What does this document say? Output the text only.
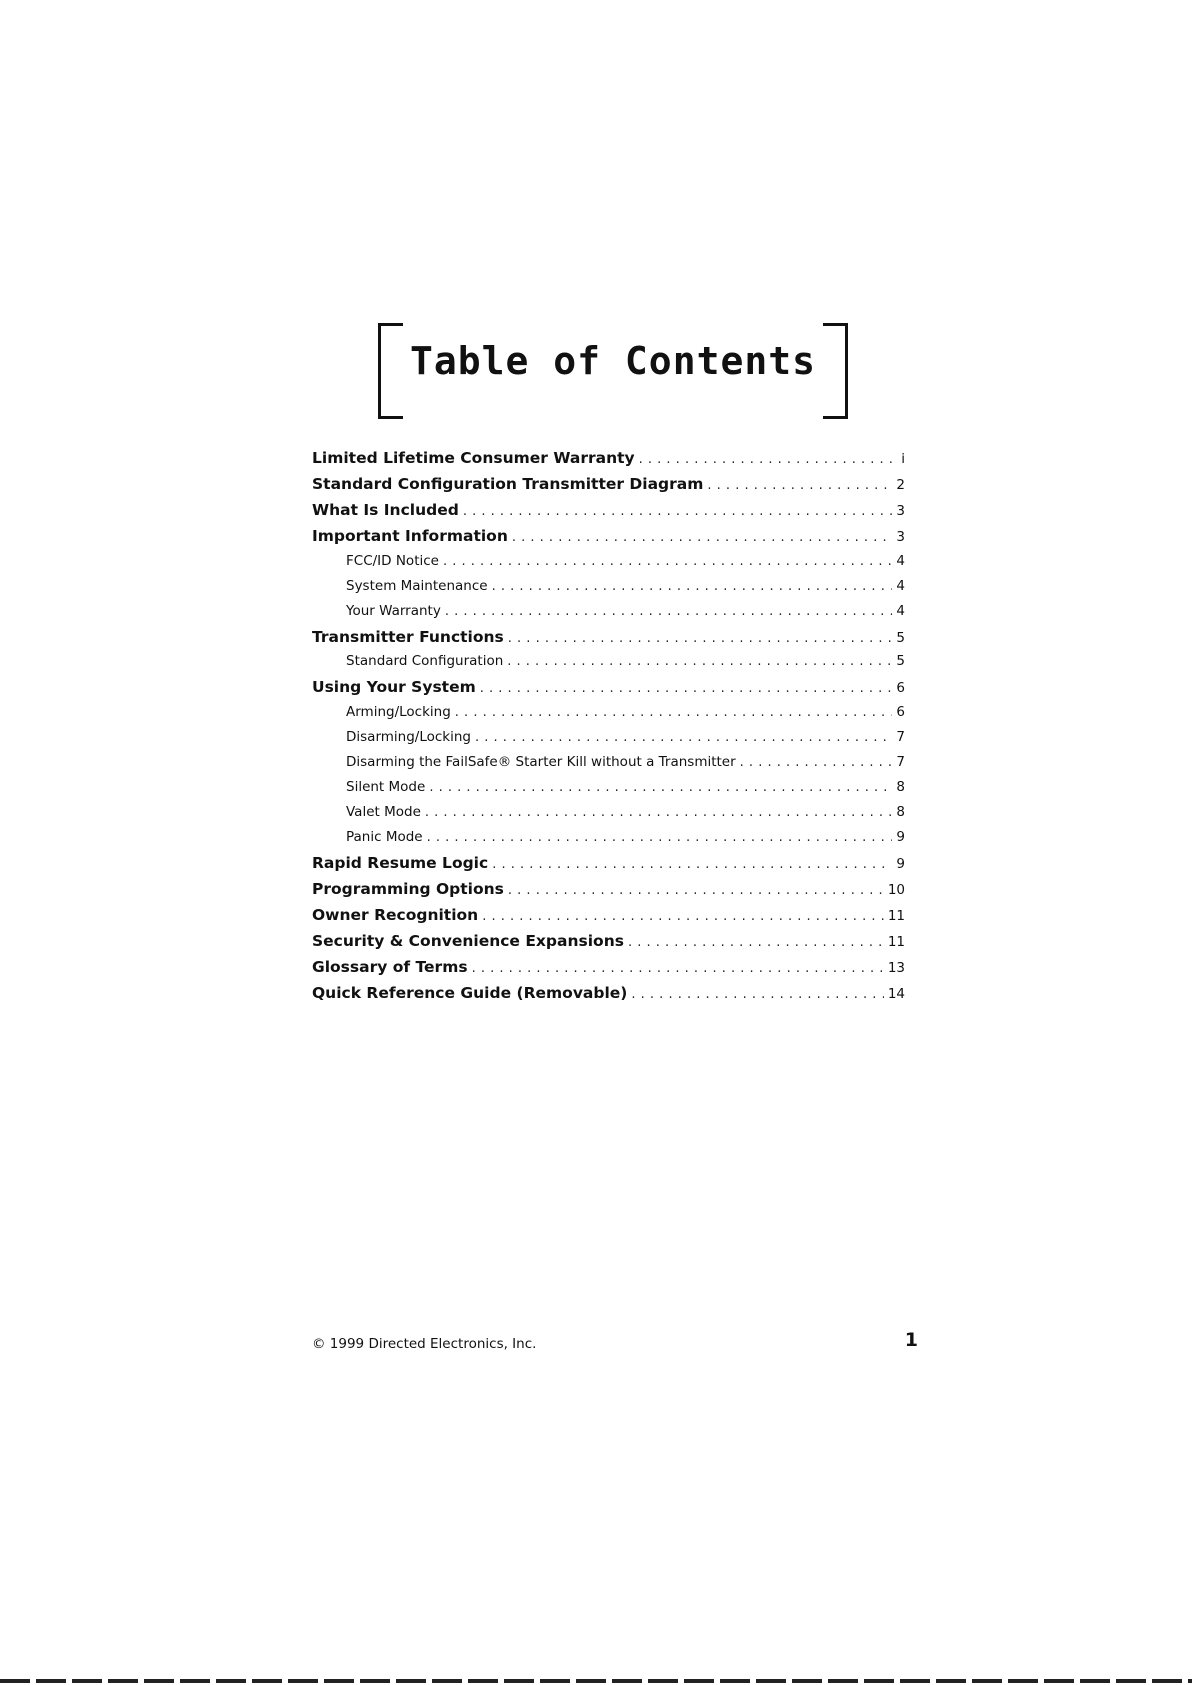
Table of Contents
Limited Lifetime Consumer Warranty . . .	i
Standard Configuration Transmitter Diagram . . .	2
What Is Included . . .	3
Important Information . . .	3
FCC/ID Notice . . .	4
System Maintenance . . .	4
Your Warranty . . .	4
Transmitter Functions . . .	5
Standard Configuration . . .	5
Using Your System . . .	6
Arming/Locking . . .	6
Disarming/Locking . . .	7
Disarming the FailSafe® Starter Kill without a Transmitter . . .	7
Silent Mode . . .	8
Valet Mode . . .	8
Panic Mode . . .	9
Rapid Resume Logic . . .	9
Programming Options . . .	10
Owner Recognition . . .	11
Security & Convenience Expansions . . .	11
Glossary of Terms . . .	13
Quick Reference Guide (Removable) . . .	14
© 1999 Directed Electronics, Inc.	1
